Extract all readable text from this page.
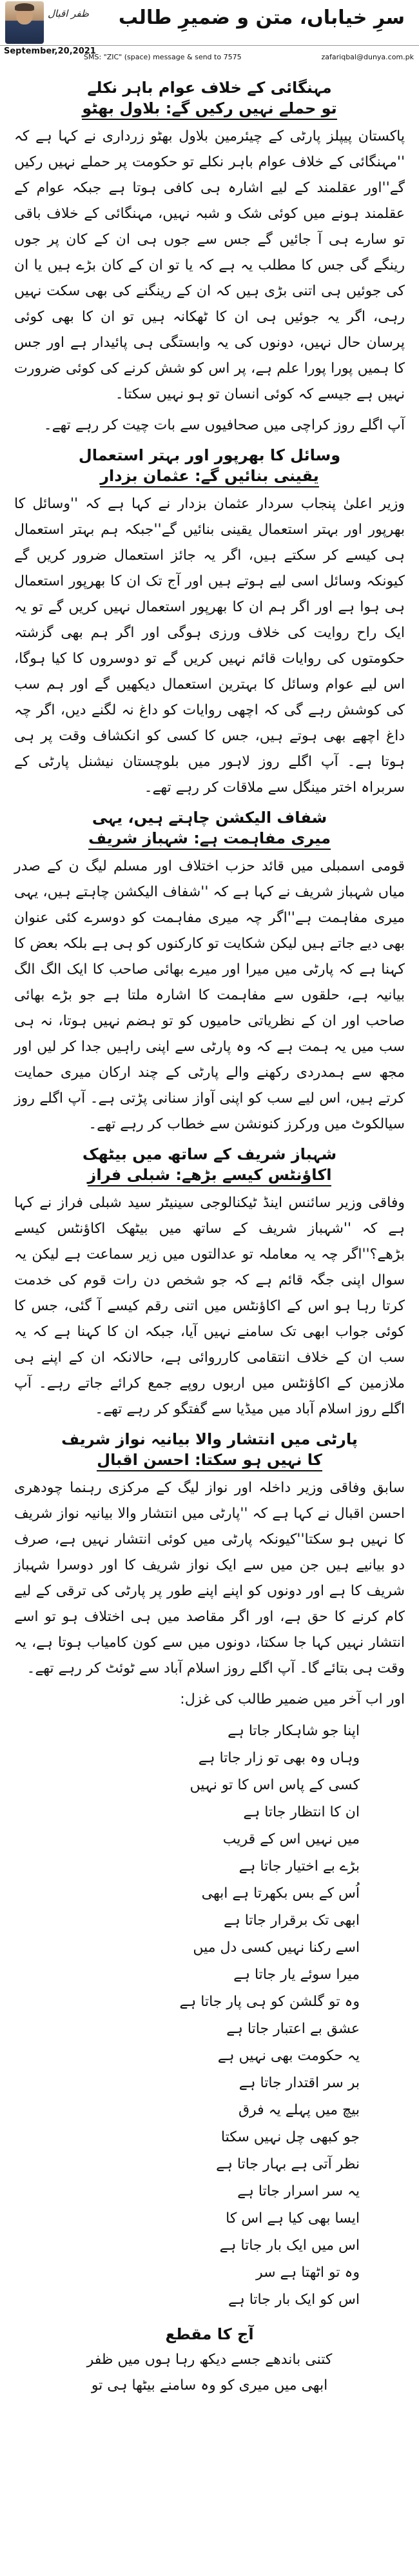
ظفر اقبال سرِ خیاباں، متن و ضمیرِ طالب
September,20,2021
SMS: "ZIC" (space) message & send to 7575	zafariqbal@dunya.com.pk
مہنگائی کے خلاف عوام باہر نکلے
تو حملے نہیں رکیں گے: بلاول بھٹو

پاکستان پیپلز پارٹی کے چیئرمین بلاول بھٹو زرداری نے کہا ہے کہ ''مہنگائی کے خلاف عوام باہر نکلے تو حکومت پر حملے نہیں رکیں گے''اور عقلمند کے لیے اشارہ ہی کافی ہوتا ہے جبکہ عوام کے عقلمند ہونے میں کوئی شک و شبہ نہیں، مہنگائی کے خلاف باقی تو سارے ہی آ جائیں گے جس سے جوں ہی ان کے کان پر جوں رینگے گی جس کا مطلب یہ ہے کہ یا تو ان کے کان بڑے ہیں یا ان کی جوئیں ہی اتنی بڑی ہیں کہ ان کے رینگنے کی بھی سکت نہیں رہی، اگر یہ جوئیں ہی ان کا ٹھکانہ ہیں تو ان کا بھی کوئی پرسان حال نہیں، دونوں کی یہ وابستگی ہی پائیدار ہے اور جس کا ہمیں پورا پورا علم ہے، پر اس کو شش کرنے کی کوئی ضرورت نہیں ہے جیسے کہ کوئی انسان تو ہو نہیں سکتا۔

آپ اگلے روز کراچی میں صحافیوں سے بات چیت کر رہے تھے۔

وسائل کا بھرپور اور بہتر استعمال
یقینی بنائیں گے: عثمان بزدار

وزیر اعلیٰ پنجاب سردار عثمان بزدار نے کہا ہے کہ ''وسائل کا بھرپور اور بہتر استعمال یقینی بنائیں گے''جبکہ ہم بہتر استعمال ہی کیسے کر سکتے ہیں، اگر یہ جائز استعمال ضرور کریں گے کیونکہ وسائل اسی لیے ہوتے ہیں اور آج تک ان کا بھرپور استعمال ہی ہوا ہے اور اگر ہم ان کا بھرپور استعمال نہیں کریں گے تو یہ ایک راح روایت کی خلاف ورزی ہوگی اور اگر ہم بھی گزشتہ حکومتوں کی روایات قائم نہیں کریں گے تو دوسروں کا کیا ہوگا، اس لیے عوام وسائل کا بہترین استعمال دیکھیں گے اور ہم سب کی کوشش رہے گی کہ اچھی روایات کو داغ نہ لگنے دیں، اگر چہ داغ اچھے بھی ہوتے ہیں، جس کا کسی کو انکشاف وقت پر ہی ہوتا ہے۔ آپ اگلے روز لاہور میں بلوچستان نیشنل پارٹی کے سربراہ اختر مینگل سے ملاقات کر رہے تھے۔

شفاف الیکشن چاہتے ہیں، یہی
میری مفاہمت ہے: شہباز شریف

قومی اسمبلی میں قائد حزب اختلاف اور مسلم لیگ ن کے صدر میاں شہباز شریف نے کہا ہے کہ ''شفاف الیکشن چاہتے ہیں، یہی میری مفاہمت ہے''اگر چہ میری مفاہمت کو دوسرے کئی عنوان بھی دیے جاتے ہیں لیکن شکایت تو کارکنوں کو ہی ہے بلکہ بعض کا کہنا ہے کہ پارٹی میں میرا اور میرے بھائی صاحب کا ایک الگ الگ بیانیہ ہے، حلقوں سے مفاہمت کا اشارہ ملتا ہے جو بڑے بھائی صاحب اور ان کے نظریاتی حامیوں کو تو ہضم نہیں ہوتا، نہ ہی سب میں یہ ہمت ہے کہ وہ پارٹی سے اپنی راہیں جدا کر لیں اور مجھ سے ہمدردی رکھنے والے پارٹی کے چند ارکان میری حمایت کرتے ہیں، اس لیے سب کو اپنی آواز سنانی پڑتی ہے۔ آپ اگلے روز سیالکوٹ میں ورکرز کنونشن سے خطاب کر رہے تھے۔

شہباز شریف کے ساتھ میں بیٹھک
اکاؤنٹس کیسے بڑھے: شبلی فراز

وفاقی وزیر سائنس اینڈ ٹیکنالوجی سینیٹر سید شبلی فراز نے کہا ہے کہ ''شہباز شریف کے ساتھ میں بیٹھک اکاؤنٹس کیسے بڑھے؟''اگر چہ یہ معاملہ تو عدالتوں میں زیر سماعت ہے لیکن یہ سوال اپنی جگہ قائم ہے کہ جو شخص دن رات قوم کی خدمت کرتا رہا ہو اس کے اکاؤنٹس میں اتنی رقم کیسے آ گئی، جس کا کوئی جواب ابھی تک سامنے نہیں آیا، جبکہ ان کا کہنا ہے کہ یہ سب ان کے خلاف انتقامی کارروائی ہے، حالانکہ ان کے اپنے ہی ملازمین کے اکاؤنٹس میں اربوں روپے جمع کرائے جاتے رہے۔ آپ اگلے روز اسلام آباد میں میڈیا سے گفتگو کر رہے تھے۔

پارٹی میں انتشار والا بیانیہ نواز شریف
کا نہیں ہو سکتا: احسن اقبال

سابق وفاقی وزیر داخلہ اور نواز لیگ کے مرکزی رہنما چودھری احسن اقبال نے کہا ہے کہ ''پارٹی میں انتشار والا بیانیہ نواز شریف کا نہیں ہو سکتا''کیونکہ پارٹی میں کوئی انتشار نہیں ہے، صرف دو بیانیے ہیں جن میں سے ایک نواز شریف کا اور دوسرا شہباز شریف کا ہے اور دونوں کو اپنے اپنے طور پر پارٹی کی ترقی کے لیے کام کرنے کا حق ہے، اور اگر مقاصد میں ہی اختلاف ہو تو اسے انتشار نہیں کہا جا سکتا، دونوں میں سے کون کامیاب ہوتا ہے، یہ وقت ہی بتائے گا۔ آپ اگلے روز اسلام آباد سے ٹوئٹ کر رہے تھے۔

اور اب آخر میں ضمیر طالب کی غزل:

اپنا جو شاہکار جاتا ہے

وہاں وہ بھی تو زار جاتا ہے

کسی کے پاس اس کا تو نہیں

ان کا انتظار جاتا ہے

میں نہیں اس کے قریب

بڑے بے اختیار جاتا ہے

اُس کے بس بکھرتا ہے ابھی

ابھی تک برقرار جاتا ہے

اسے رکنا نہیں کسی دل میں

میرا سوئے یار جاتا ہے

وہ تو گلشن کو ہی پار جاتا ہے

عشق بے اعتبار جاتا ہے

یہ حکومت بھی نہیں ہے

بر سر اقتدار جاتا ہے

بیچ میں پہلے یہ فرق

جو کبھی چل نہیں سکتا

نظر آتی ہے بہار جاتا ہے

یہ سر اسرار جاتا ہے

ایسا بھی کیا ہے اس کا

اس میں ایک بار جاتا ہے

وہ تو اٹھتا ہے سر

اس کو ایک بار جاتا ہے

آج کا مقطع

کتنی باندھے جسے دیکھ رہا ہوں میں ظفر

ابھی میں میری کو وہ سامنے بیٹھا ہی تو
